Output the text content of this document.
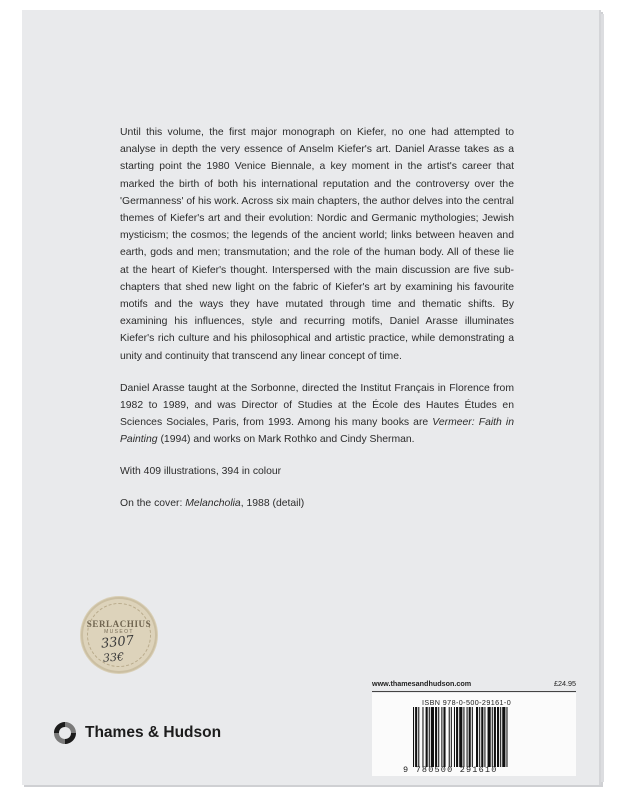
Until this volume, the first major monograph on Kiefer, no one had attempted to analyse in depth the very essence of Anselm Kiefer's art. Daniel Arasse takes as a starting point the 1980 Venice Biennale, a key moment in the artist's career that marked the birth of both his international reputation and the controversy over the 'Germanness' of his work. Across six main chapters, the author delves into the central themes of Kiefer's art and their evolution: Nordic and Germanic mythologies; Jewish mysticism; the cosmos; the legends of the ancient world; links between heaven and earth, gods and men; transmutation; and the role of the human body. All of these lie at the heart of Kiefer's thought. Interspersed with the main discussion are five sub-chapters that shed new light on the fabric of Kiefer's art by examining his favourite motifs and the ways they have mutated through time and thematic shifts. By examining his influences, style and recurring motifs, Daniel Arasse illuminates Kiefer's rich culture and his philosophical and artistic practice, while demonstrating a unity and continuity that transcend any linear concept of time.

Daniel Arasse taught at the Sorbonne, directed the Institut Français in Florence from 1982 to 1989, and was Director of Studies at the École des Hautes Études en Sciences Sociales, Paris, from 1993. Among his many books are Vermeer: Faith in Painting (1994) and works on Mark Rothko and Cindy Sherman.

With 409 illustrations, 394 in colour

On the cover: Melancholia, 1988 (detail)

SERLACHIUS
MUSEOT
3307
33€
Thames & Hudson
www.thamesandhudson.com	£24.95
ISBN 978-0-500-29161-0
9 780500 291610
